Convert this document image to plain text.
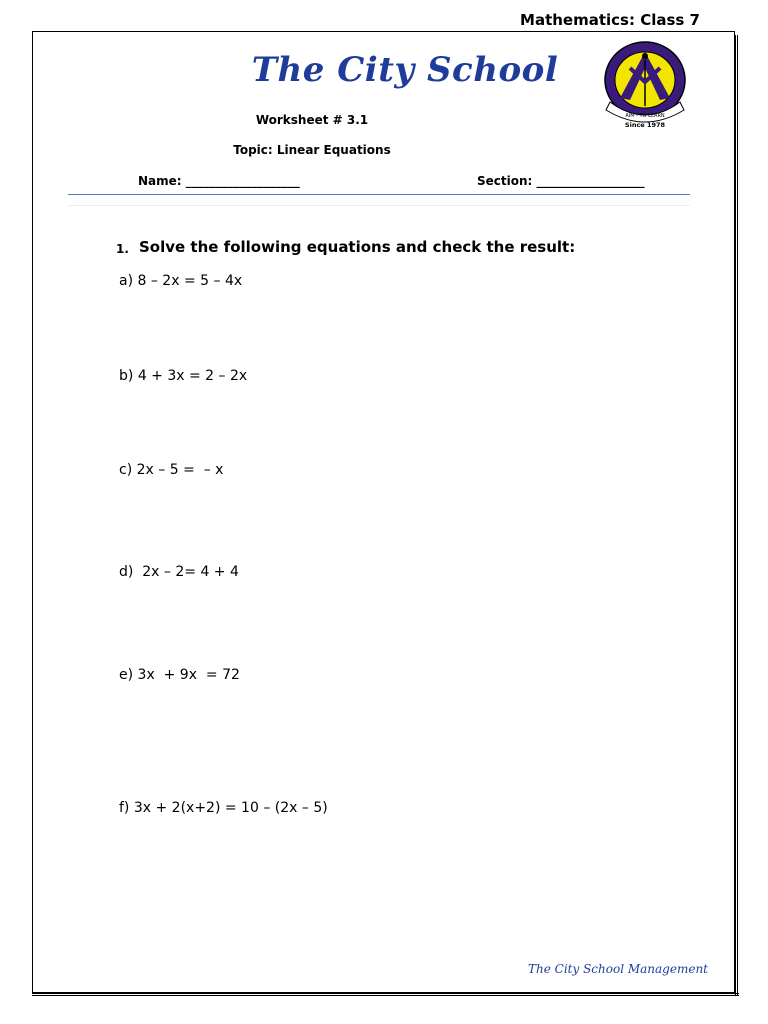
Mathematics: Class 7
The City School
AIM - TO LEARN
Since 1978
Worksheet # 3.1
Topic: Linear Equations
Name: ___________________	Section: __________________
1. Solve the following equations and check the result:
a) 8 – 2x = 5 – 4x
b) 4 + 3x = 2 – 2x
c) 2x – 5 =  – x
d)  2x – 2= 4 + 4
e) 3x  + 9x  = 72
f) 3x + 2(x+2) = 10 – (2x – 5)
The City School Management
